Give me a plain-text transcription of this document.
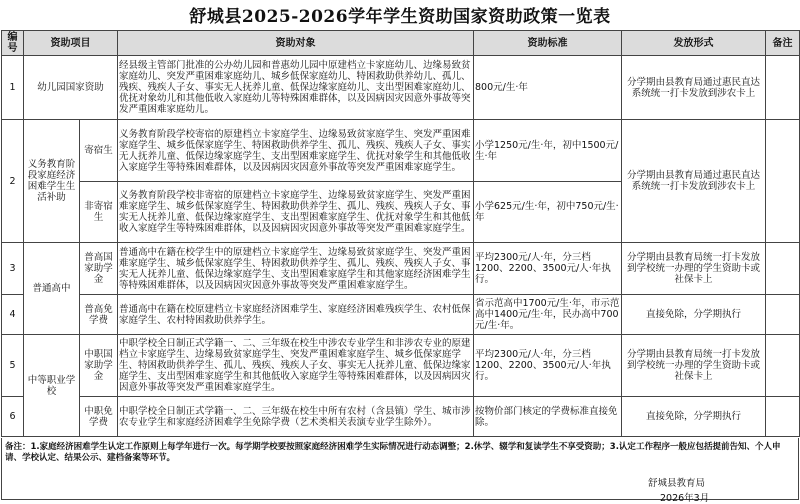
舒城县2025-2026学年学生资助国家资助政策一览表
编号	资助项目		资助对象	资助标准	发放形式	备注
1	幼儿园国家资助		经县级主管部门批准的公办幼儿园和普惠幼儿园中原建档立卡家庭幼儿、边缘易致贫家庭幼儿、突发严重困难家庭幼儿、城乡低保家庭幼儿、特困救助供养幼儿、孤儿、残疾、残疾人子女、事实无人抚养儿童、低保边缘家庭幼儿、支出型困难家庭幼儿、优抚对象幼儿和其他低收入家庭幼儿等特殊困难群体，以及因病因灾因意外事故等突发严重困难家庭幼儿。	800元/生·年	分学期由县教育局通过惠民直达系统统一打卡发放到涉农卡上	
2	义务教育阶段家庭经济困难学生生活补助	寄宿生	义务教育阶段学校寄宿的原建档立卡家庭学生、边缘易致贫家庭学生、突发严重困难家庭学生、城乡低保家庭学生、特困救助供养学生、孤儿、残疾、残疾人子女、事实无人抚养儿童、低保边缘家庭学生、支出型困难家庭学生、优抚对象学生和其他低收入家庭学生等特殊困难群体，以及因病因灾因意外事故等突发严重困难家庭学生。	小学1250元/生·年，初中1500元/生·年	分学期由县教育局通过惠民直达系统统一打卡发放到涉农卡上	
		非寄宿生	义务教育阶段学校非寄宿的原建档立卡家庭学生、边缘易致贫家庭学生、突发严重困难家庭学生、城乡低保家庭学生、特困救助供养学生、孤儿、残疾、残疾人子女、事实无人抚养儿童、低保边缘家庭学生、支出型困难家庭学生、优抚对象学生和其他低收入家庭学生等特殊困难群体，以及因病因灾因意外事故等突发严重困难家庭学生。	小学625元/生·年，初中750元/生·年		
3	普通高中	普高国家助学金	普通高中在籍在校学生中的原建档立卡家庭学生、边缘易致贫家庭学生、突发严重困难家庭学生、城乡低保家庭学生、特困救助供养学生、孤儿、残疾、残疾人子女、事实无人抚养儿童、低保边缘家庭学生、支出型困难家庭学生和其他家庭经济困难学生等特殊困难群体，以及因病因灾因意外事故等突发严重困难家庭学生。	平均2300元/人·年，分三档1200、2200、3500元/人·年执行。	分学期由县教育局统一打卡发放到学校统一办理的学生资助卡或社保卡上	
4		普高免学费	普通高中在籍在校原建档立卡家庭经济困难学生、家庭经济困难残疾学生、农村低保家庭学生、农村特困救助供养学生。	省示范高中1700元/生·年，市示范高中1400元/生·年，民办高中700元/生·年。	直接免除，分学期执行	
5	中等职业学校	中职国家助学金	中职学校全日制正式学籍一、二、三年级在校生中涉农专业学生和非涉农专业的原建档立卡家庭学生、边缘易致贫家庭学生、突发严重困难家庭学生、城乡低保家庭学生、特困救助供养学生、孤儿、残疾、残疾人子女、事实无人抚养儿童、低保边缘家庭学生、支出型困难家庭学生和其他低收入家庭学生等特殊困难群体，以及因病因灾因意外事故等突发严重困难家庭学生。	平均2300元/人·年，分三档1200、2200、3500元/人·年执行。	分学期由县教育局统一打卡发放到学校统一办理的学生资助卡或社保卡上	
6		中职免学费	中职学校全日制正式学籍一、二、三年级在校生中所有农村（含县镇）学生、城市涉农专业学生和家庭经济困难学生免除学费（艺术类相关表演专业学生除外）。	按物价部门核定的学费标准直接免除。	直接免除，分学期执行	
备注：1.家庭经济困难学生认定工作原则上每学年进行一次。每学期学校要按照家庭经济困难学生实际情况进行动态调整；2.休学、辍学和复读学生不享受资助；3.认定工作程序一般应包括提前告知、个人申请、学校认定、结果公示、建档备案等环节。
舒城县教育局
2026年3月
